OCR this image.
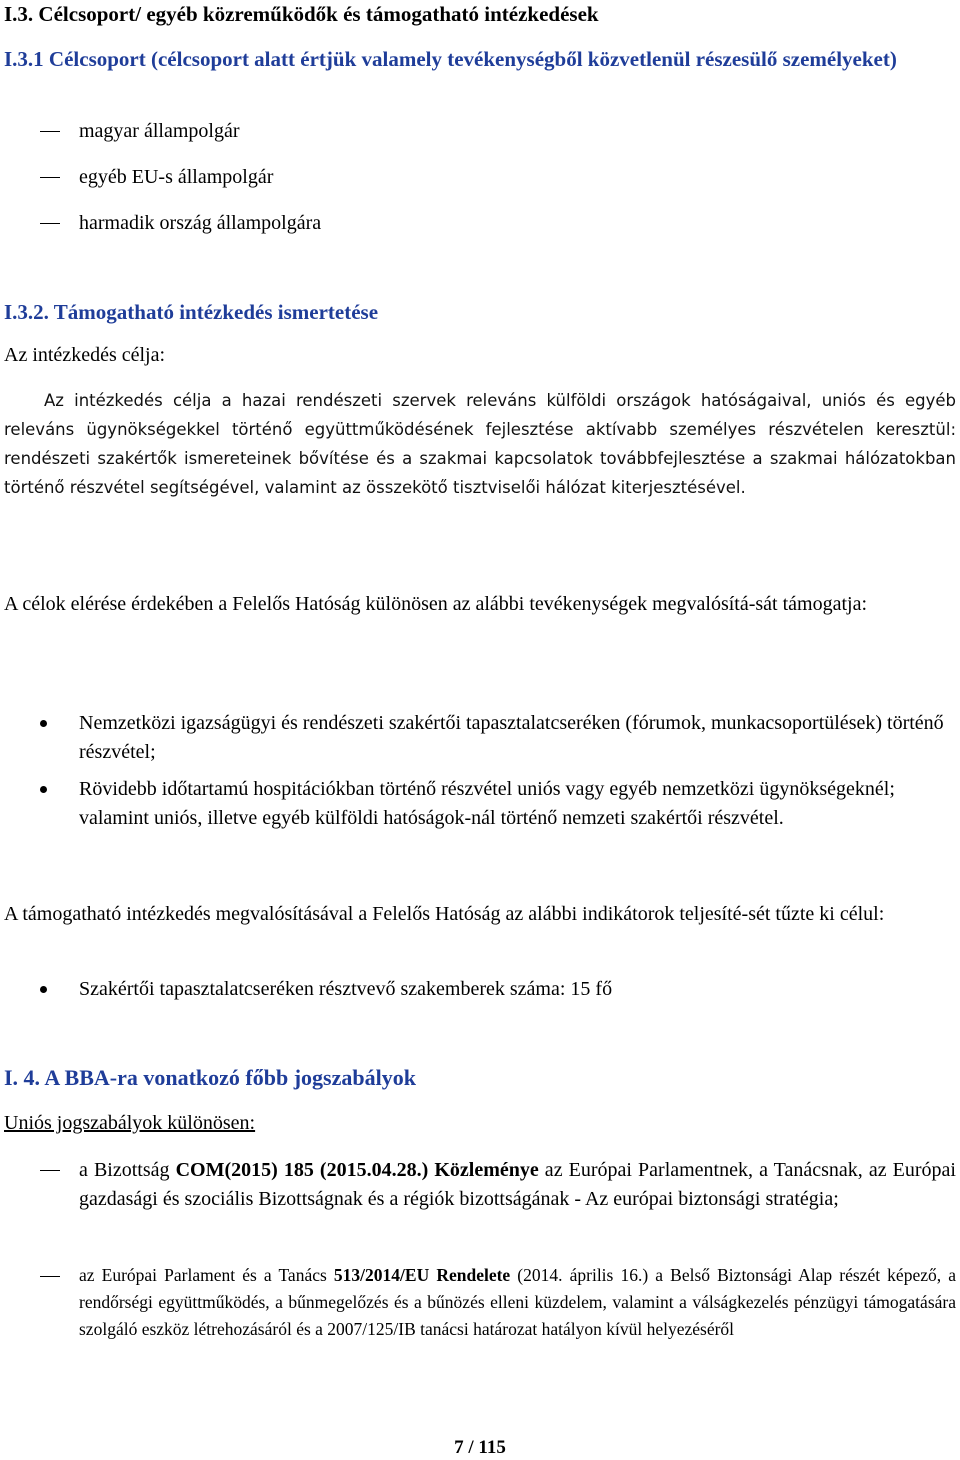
I.3. Célcsoport/ egyéb közreműködők és támogatható intézkedések
I.3.1 Célcsoport (célcsoport alatt értjük valamely tevékenységből közvetlenül részesülő személyeket)
magyar állampolgár
egyéb EU-s állampolgár
harmadik ország állampolgára
I.3.2. Támogatható intézkedés ismertetése
Az intézkedés célja:
Az intézkedés célja a hazai rendészeti szervek releváns külföldi országok hatóságaival, uniós és egyéb releváns ügynökségekkel történő együttműködésének fejlesztése aktívabb személyes részvételen keresztül: rendészeti szakértők ismereteinek bővítése és a szakmai kapcsolatok továbbfejlesztése a szakmai hálózatokban történő részvétel segítségével, valamint az összekötő tisztviselői hálózat kiterjesztésével.
A célok elérése érdekében a Felelős Hatóság különösen az alábbi tevékenységek megvalósítá-sát támogatja:
Nemzetközi igazságügyi és rendészeti szakértői tapasztalatcseréken (fórumok, munkacsoportülések) történő részvétel;
Rövidebb időtartamú hospitációkban történő részvétel uniós vagy egyéb nemzetközi ügynökségeknél; valamint uniós, illetve egyéb külföldi hatóságok-nál történő nemzeti szakértői részvétel.
A támogatható intézkedés megvalósításával a Felelős Hatóság az alábbi indikátorok teljesíté-sét tűzte ki célul:
Szakértői tapasztalatcseréken résztvevő szakemberek száma: 15 fő
I. 4. A BBA-ra vonatkozó főbb jogszabályok
Uniós jogszabályok különösen:
a Bizottság COM(2015) 185 (2015.04.28.) Közleménye az Európai Parlamentnek, a Tanácsnak, az Európai gazdasági és szociális Bizottságnak és a régiók bizottságának - Az európai biztonsági stratégia;
az Európai Parlament és a Tanács 513/2014/EU Rendelete (2014. április 16.) a Belső Biztonsági Alap részét képező, a rendőrségi együttműködés, a bűnmegelőzés és a bűnözés elleni küzdelem, valamint a válságkezelés pénzügyi támogatására szolgáló eszköz létrehozásáról és a 2007/125/IB tanácsi határozat hatályon kívül helyezéséről
7 / 115
